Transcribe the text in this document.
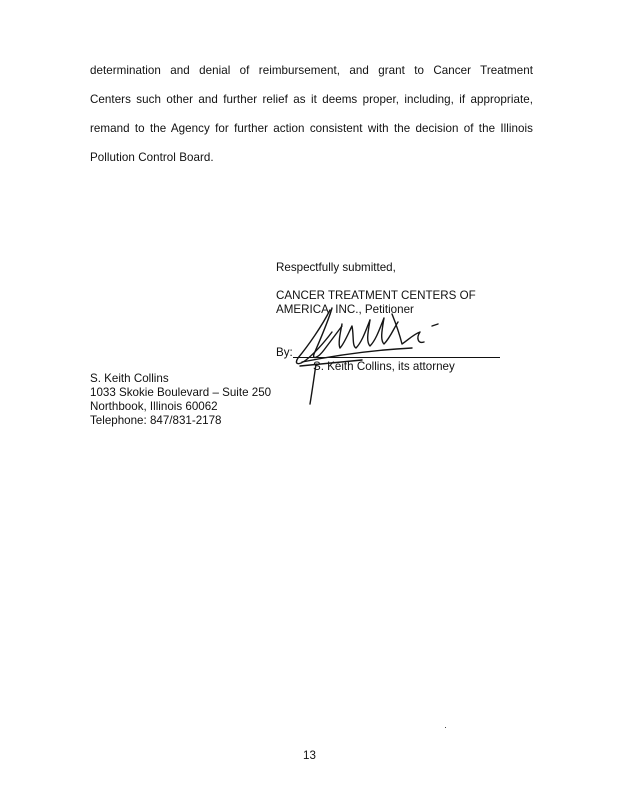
determination and denial of reimbursement, and grant to Cancer Treatment
Centers such other and further relief as it deems proper, including, if appropriate,
remand to the Agency for further action consistent with the decision of the Illinois
Pollution Control Board.
Respectfully submitted,
CANCER TREATMENT CENTERS OF
AMERICA, INC., Petitioner
By:
S. Keith Collins, its attorney
S. Keith Collins
1033 Skokie Boulevard – Suite 250
Northbook, Illinois 60062
Telephone: 847/831-2178
13
